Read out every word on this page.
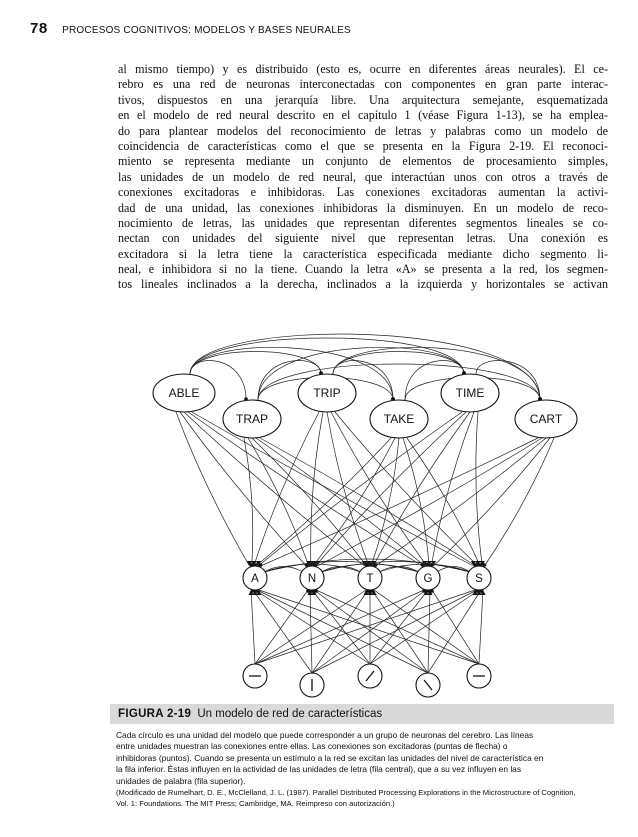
78 PROCESOS COGNITIVOS: MODELOS Y BASES NEURALES
al mismo tiempo) y es distribuido (esto es, ocurre en diferentes áreas neurales). El ce-
rebro es una red de neuronas interconectadas con componentes en gran parte interac-
tivos, dispuestos en una jerarquía libre. Una arquitectura semejante, esquematizada
en el modelo de red neural descrito en el capítulo 1 (véase Figura 1-13), se ha emplea-
do para plantear modelos del reconocimiento de letras y palabras como un modelo de
coincidencia de características como el que se presenta en la Figura 2-19. El reconoci-
miento se representa mediante un conjunto de elementos de procesamiento simples,
las unidades de un modelo de red neural, que interactúan unos con otros a través de
conexiones excitadoras e inhibidoras. Las conexiones excitadoras aumentan la activi-
dad de una unidad, las conexiones inhibidoras la disminuyen. En un modelo de reco-
nocimiento de letras, las unidades que representan diferentes segmentos lineales se co-
nectan con unidades del siguiente nivel que representan letras. Una conexión es
excitadora si la letra tiene la característica especificada mediante dicho segmento li-
neal, e inhibidora si no la tiene. Cuando la letra «A» se presenta a la red, los segmen-
tos lineales inclinados a la derecha, inclinados a la izquierda y horizontales se activan
ABLE
TRAP
TRIP
TAKE
TIME
CART
A	N	T	G	S
FIGURA 2-19 Un modelo de red de características
Cada círculo es una unidad del modelo que puede corresponder a un grupo de neuronas del cerebro. Las líneas
entre unidades muestran las conexiones entre ellas. Las conexiones son excitadoras (puntas de flecha) o
inhibidoras (puntos). Cuando se presenta un estímulo a la red se excitan las unidades del nivel de característica en
la fila inferior. Éstas influyen en la actividad de las unidades de letra (fila central), que a su vez influyen en las
unidades de palabra (fila superior).
(Modificado de Rumelhart, D. E., McClelland, J. L. (1987). Parallel Distributed Processing Explorations in the Microstructure of Cognition,
Vol. 1: Foundations. The MIT Press; Cambridge, MA. Reimpreso con autorización.)
